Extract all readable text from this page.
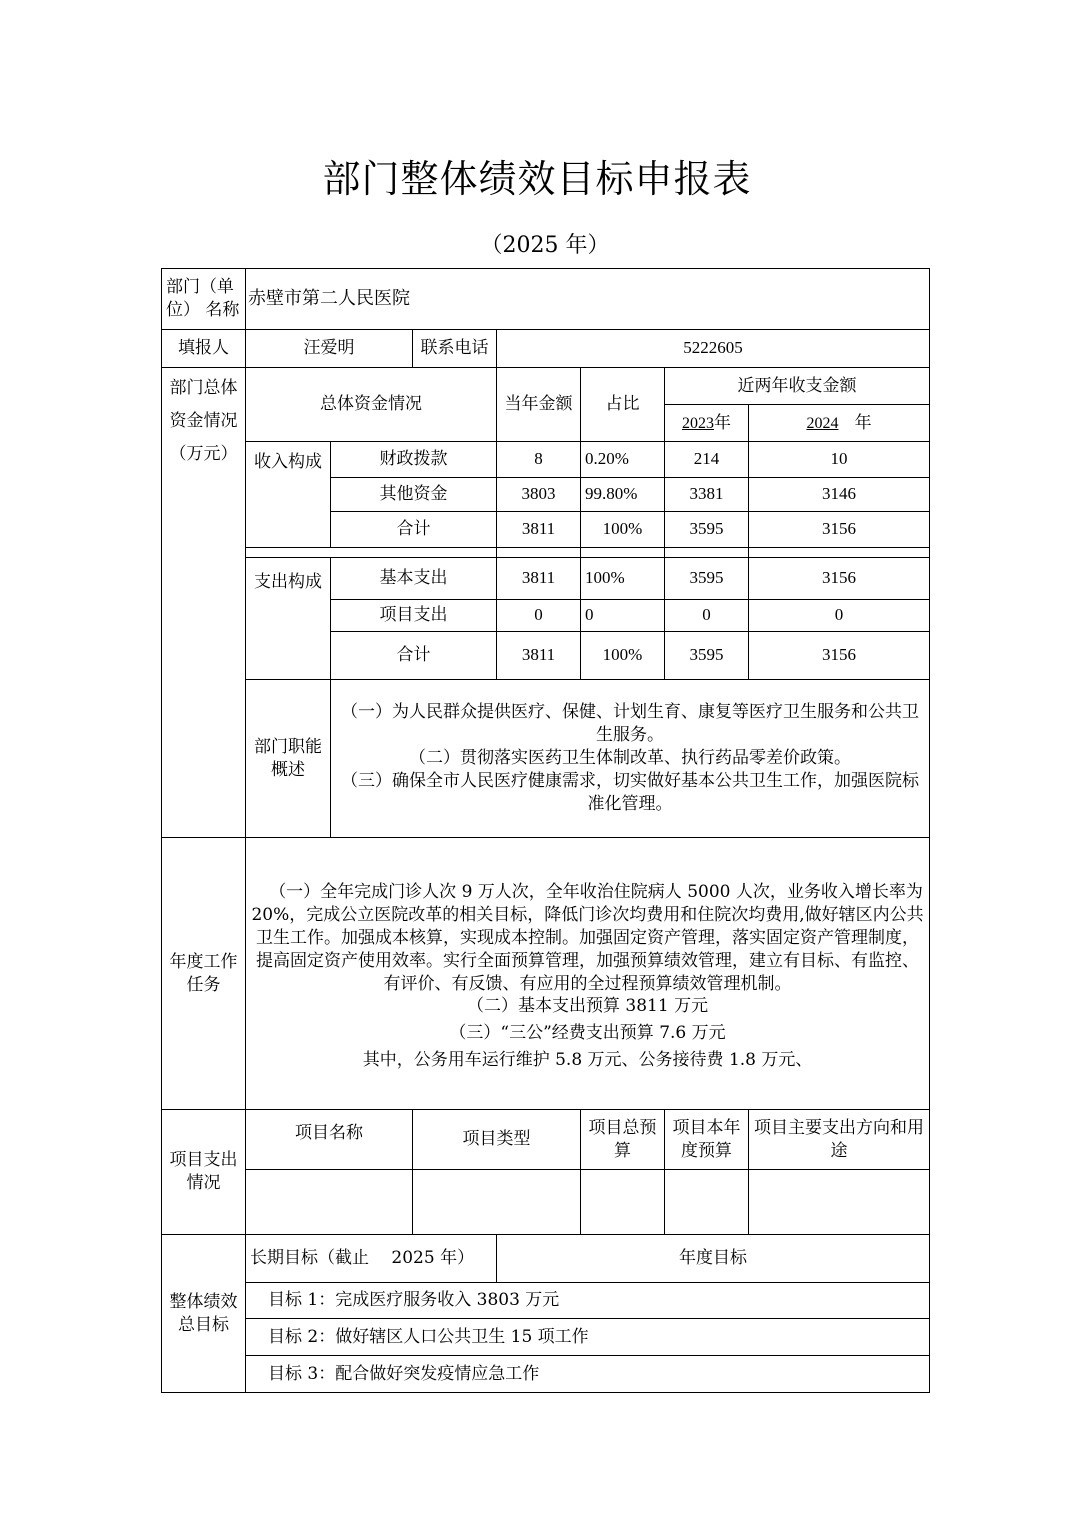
部门整体绩效目标申报表
（2025 年）
部门（单位） 名称	赤壁市第二人民医院						
填报人	汪爱明		联系电话	5222605			
部门总体资金情况（万元）	总体资金情况			当年金额	占比	近两年收支金额	
						2023年	2024 年
	收入构成	财政拨款		8	0.20%	214	10
		其他资金		3803	99.80%	3381	3146
		合计		3811	100%	3595	3156

	支出构成	基本支出		3811	100%	3595	3156
		项目支出		0	0	0	0
		合计		3811	100%	3595	3156
	部门职能概述	（一）为人民群众提供医疗、保健、计划生育、康复等医疗卫生服务和公共卫生服务。

（二）贯彻落实医药卫生体制改革、执行药品零差价政策。

（三）确保全市人民医疗健康需求，切实做好基本公共卫生工作，加强医院标准化管理。					

年度工作任务	（一）全年完成门诊人次 9 万人次，全年收治住院病人 5000 人次，业务收入增长率为 20%，完成公立医院改革的相关目标，降低门诊次均费用和住院次均费用,做好辖区内公共卫生工作。加强成本核算，实现成本控制。加强固定资产管理，落实固定资产管理制度，提高固定资产使用效率。实行全面预算管理，加强预算绩效管理，建立有目标、有监控、有评价、有反馈、有应用的全过程预算绩效管理机制。

（二）基本支出预算 3811 万元

（三）“三公”经费支出预算 7.6 万元

其中，公务用车运行维护 5.8 万元、公务接待费 1.8 万元、						

项目支出情况	项目名称		项目类型		项目总预算	项目本年度预算	项目主要支出方向和用途

整体绩效总目标	长期目标（截止　 2025 年）			年度目标			
	目标 1：完成医疗服务收入 3803 万元						
	目标 2：做好辖区人口公共卫生 15 项工作						
	目标 3：配合做好突发疫情应急工作						
